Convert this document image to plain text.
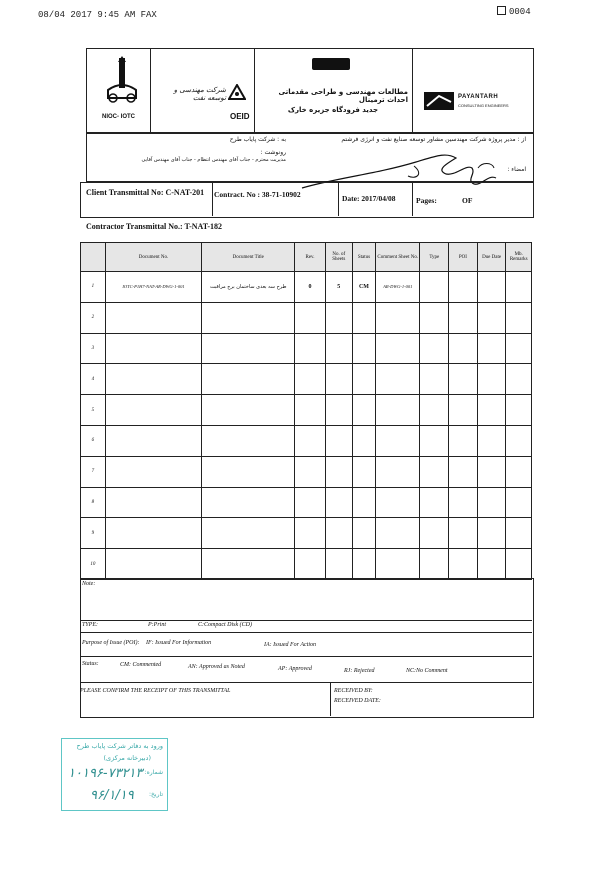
08/04 2017 9:45 AM FAX	0004
NIOC- IOTC	OEID
شرکت مهندسی و توسعه نفت
مطالعات مهندسی و طراحی مقدماتی احداث ترمینال
جدید فرودگاه جزیره خارک
PAYANTARH
CONSULTING ENGINEERS
از : مدیر پروژه شرکت مهندسین مشاور توسعه صنایع نفت و انرژی فرشتم
به : شرکت پایاب طرح
رونوشت :
مدیریت محترم - جناب آقای مهندس انتظام - جناب آقای مهندس آقایی
امضاء :
Client Transmittal No: C-NAT-201 Contract. No : 38-71-10902	Date: 2017/04/08	Pages:	OF
Contractor Transmittal No.: T-NAT-182
	Document No.	Document Title	Rev.	No. of Sheets	Status	Comment Sheet No.	Type	POI	Due Date	Mb. Remarks
1	IOTC-P1H7-NAT-AR-DWG-1-001	طرح سه بعدی ساختمان برج مراقبت	0	5	CM	AR-DWG-1-001				
2										
3										
4										
5										
6										
7										
8										
9										
10										
Note:
TYPE:	P:Print	C:Compact Disk (CD)
Purpose of Issue (POI): IF: Issued For Information	IA: Issued For Action
Status:	CM: Commented	AN: Approved as Noted	AP: Approved	RJ: Rejected	NC:No Comment
PLEASE CONFIRM THE RECEIPT OF THIS TRANSMITTAL	RECEIVED BY:
RECEIVED DATE:
ورود به دفاتر شرکت پایاب طرح
(دبیرخانه مرکزی)
شماره:
۱۰۱۹۶-۷۳۲۱۳
تاریخ:
۹۶/۱/۱۹
